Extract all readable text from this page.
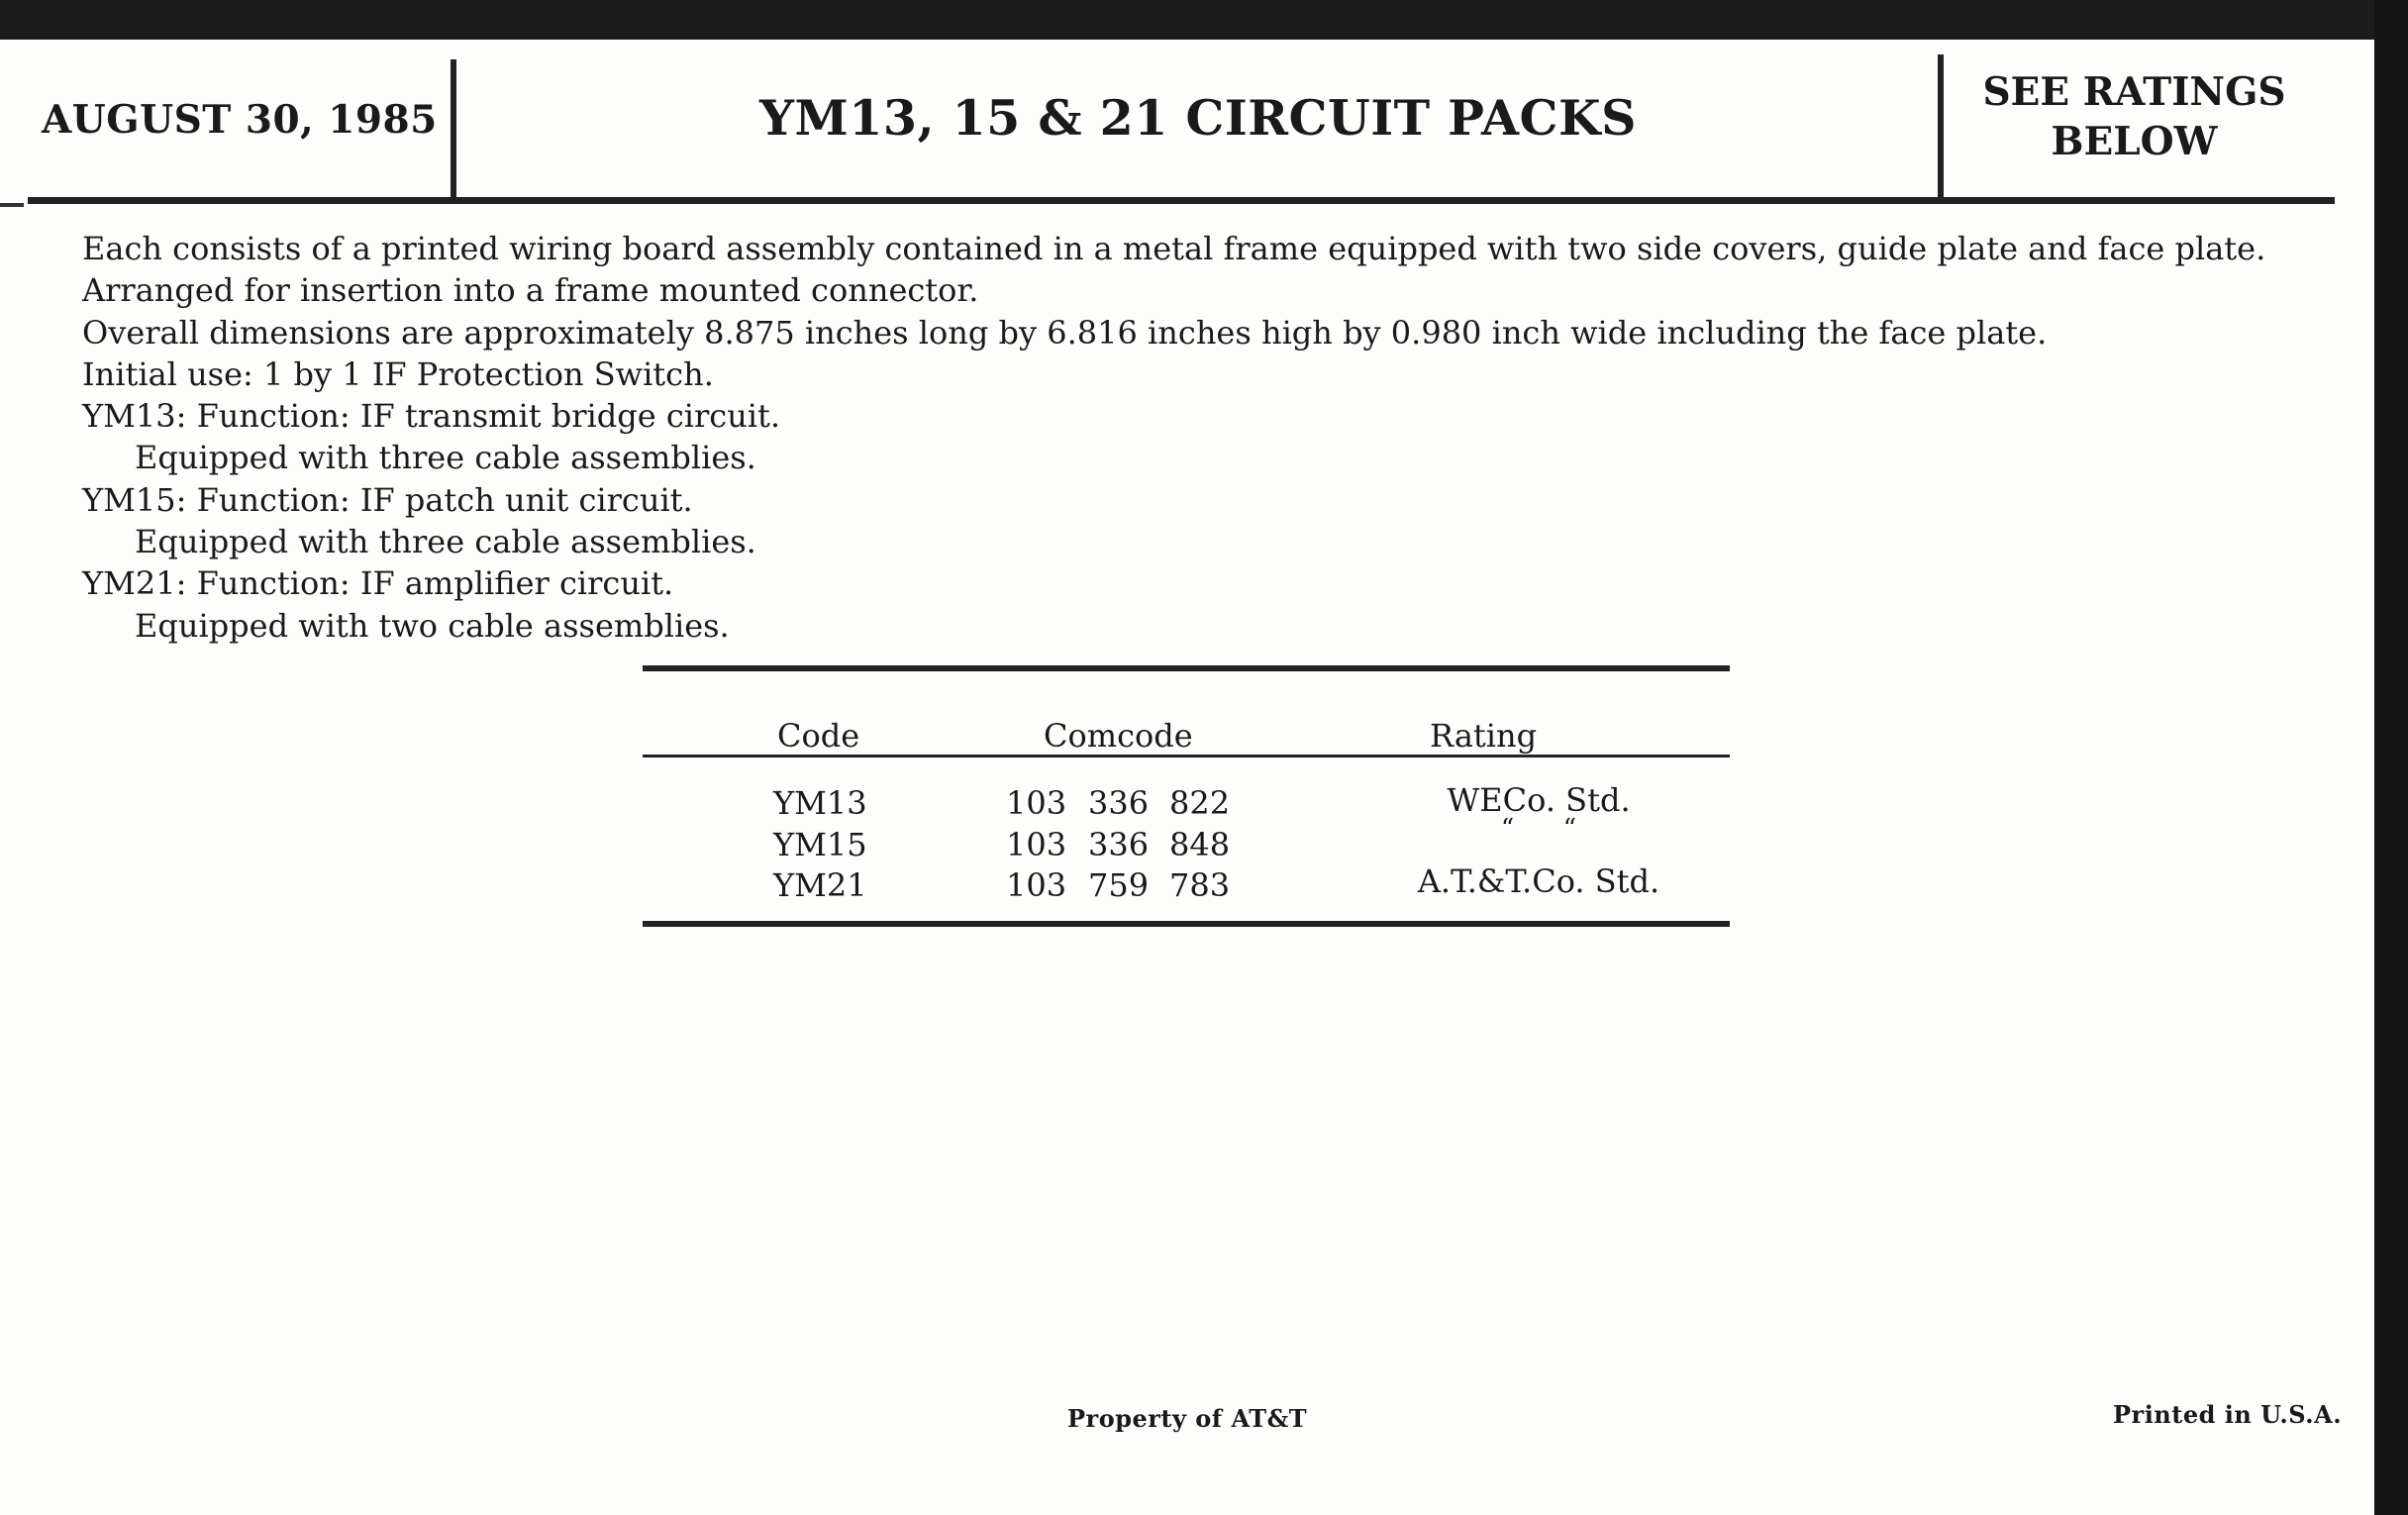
AUGUST 30, 1985	YM13, 15 & 21 CIRCUIT PACKS	SEE RATINGS
BELOW
Each consists of a printed wiring board assembly contained in a metal frame equipped with two side covers, guide plate and face plate.
Arranged for insertion into a frame mounted connector.
Overall dimensions are approximately 8.875 inches long by 6.816 inches high by 0.980 inch wide including the face plate.
Initial use: 1 by 1 IF Protection Switch.
YM13: Function: IF transmit bridge circuit.
Equipped with three cable assemblies.
YM15: Function: IF patch unit circuit.
Equipped with three cable assemblies.
YM21: Function: IF amplifier circuit.
Equipped with two cable assemblies.
Code	Comcode	Rating
YM13	103 336 822	WECo. Std.
YM15	103 336 848	“      “
YM21	103 759 783	A.T.&T.Co. Std.
Property of AT&T	Printed in U.S.A.
